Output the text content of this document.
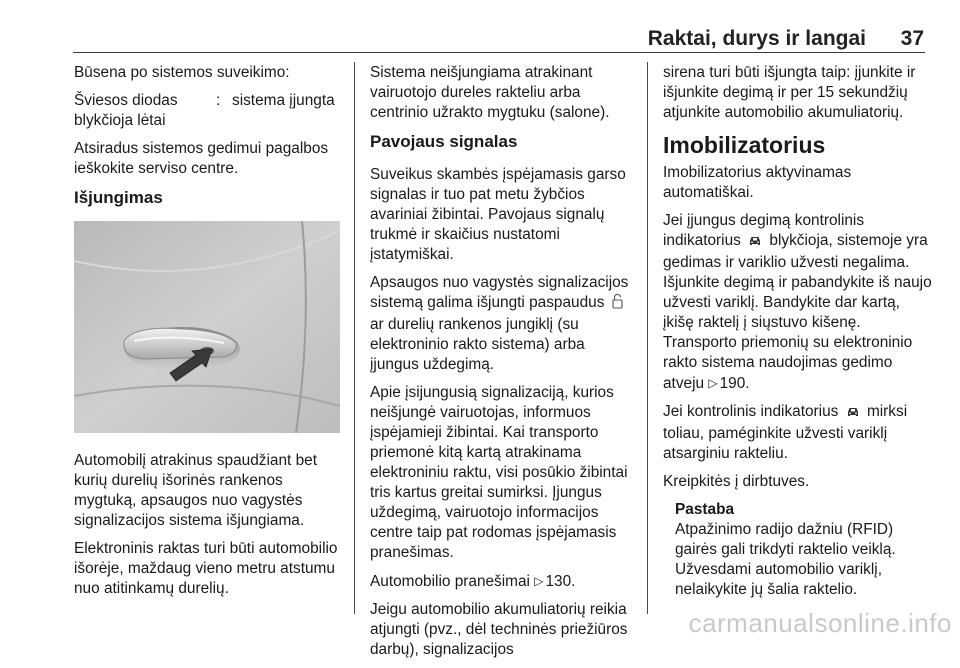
Raktai, durys ir langai	37

Būsena po sistemos suveikimo:

Šviesos diodas blykčioja lėtai
: sistema įjungta

Atsiradus sistemos gedimui pagalbos ieškokite serviso centre.

Išjungimas

Automobilį atrakinus spaudžiant bet kurių durelių išorinės rankenos mygtuką, apsaugos nuo vagystės signalizacijos sistema išjungiama.

Elektroninis raktas turi būti automobilio išorėje, maždaug vieno metru atstumu nuo atitinkamų durelių.

Sistema neišjungiama atrakinant vairuotojo dureles rakteliu arba centrinio užrakto mygtuku (salone).

Pavojaus signalas

Suveikus skambės įspėjamasis garso signalas ir tuo pat metu žybčios avariniai žibintai. Pavojaus signalų trukmė ir skaičius nustatomi įstatymiškai.

Apsaugos nuo vagystės signalizacijos sistemą galima išjungti paspaudus  ar durelių rankenos jungiklį (su elektroninio rakto sistema) arba įjungus uždegimą.

Apie įsijungusią signalizaciją, kurios neišjungė vairuotojas, informuos įspėjamieji žibintai. Kai transporto priemonė kitą kartą atrakinama elektroniniu raktu, visi posūkio žibintai tris kartus greitai sumirksi. Įjungus uždegimą, vairuotojo informacijos centre taip pat rodomas įspėjamasis pranešimas.

Automobilio pranešimai ▷ 130.

Jeigu automobilio akumuliatorių reikia atjungti (pvz., dėl techninės priežiūros darbų), signalizacijos

sirena turi būti išjungta taip: įjunkite ir išjunkite degimą ir per 15 sekundžių atjunkite automobilio akumuliatorių.

Imobilizatorius

Imobilizatorius aktyvinamas automatiškai.

Jei įjungus degimą kontrolinis indikatorius blykčioja, sistemoje yra gedimas ir variklio užvesti negalima. Išjunkite degimą ir pabandykite iš naujo užvesti variklį. Bandykite dar kartą, įkišę raktelį į siųstuvo kišenę. Transporto priemonių su elektroninio rakto sistema naudojimas gedimo atveju ▷ 190.

Jei kontrolinis indikatorius mirksi toliau, paméginkite užvesti variklį atsarginiu rakteliu.

Kreipkitės į dirbtuves.

Pastaba
Atpažinimo radijo dažniu (RFID) gairės gali trikdyti raktelio veiklą. Užvesdami automobilio variklį, nelaikykite jų šalia raktelio.
carmanualsonline.info
